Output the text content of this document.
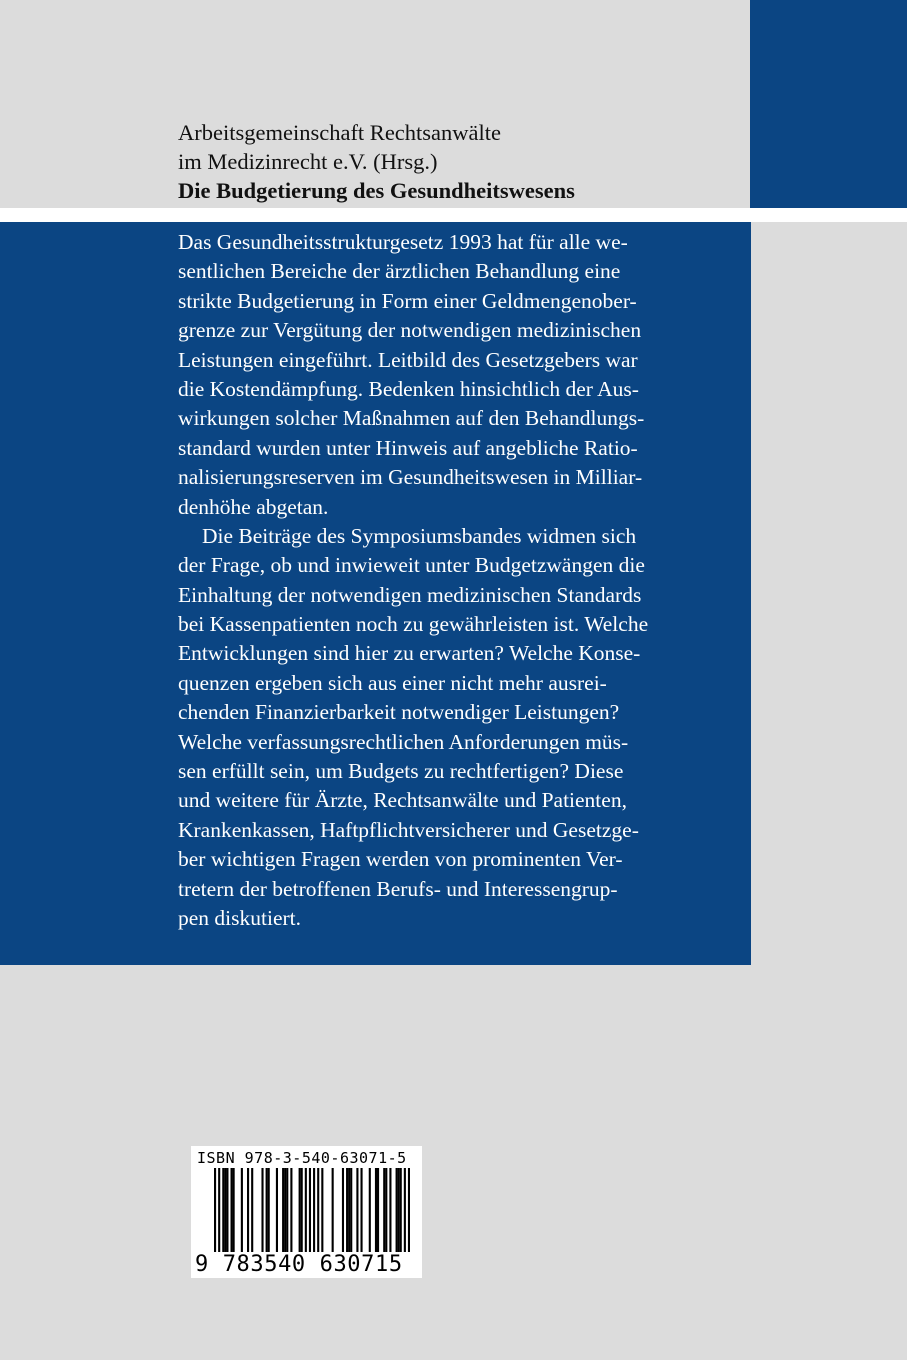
Arbeitsgemeinschaft Rechtsanwälte
im Medizinrecht e.V. (Hrsg.)
Die Budgetierung des Gesundheitswesens
Das Gesundheitsstrukturgesetz 1993 hat für alle we-
sentlichen Bereiche der ärztlichen Behandlung eine
strikte Budgetierung in Form einer Geldmengenober-
grenze zur Vergütung der notwendigen medizinischen
Leistungen eingeführt. Leitbild des Gesetzgebers war
die Kostendämpfung. Bedenken hinsichtlich der Aus-
wirkungen solcher Maßnahmen auf den Behandlungs-
standard wurden unter Hinweis auf angebliche Ratio-
nalisierungsreserven im Gesundheitswesen in Milliar-
denhöhe abgetan.
Die Beiträge des Symposiumsbandes widmen sich
der Frage, ob und inwieweit unter Budgetzwängen die
Einhaltung der notwendigen medizinischen Standards
bei Kassenpatienten noch zu gewährleisten ist. Welche
Entwicklungen sind hier zu erwarten? Welche Konse-
quenzen ergeben sich aus einer nicht mehr ausrei-
chenden Finanzierbarkeit notwendiger Leistungen?
Welche verfassungsrechtlichen Anforderungen müs-
sen erfüllt sein, um Budgets zu rechtfertigen? Diese
und weitere für Ärzte, Rechtsanwälte und Patienten,
Krankenkassen, Haftpflichtversicherer und Gesetzge-
ber wichtigen Fragen werden von prominenten Ver-
tretern der betroffenen Berufs- und Interessengrup-
pen diskutiert.
ISBN 978-3-540-63071-5
9 783540 630715
